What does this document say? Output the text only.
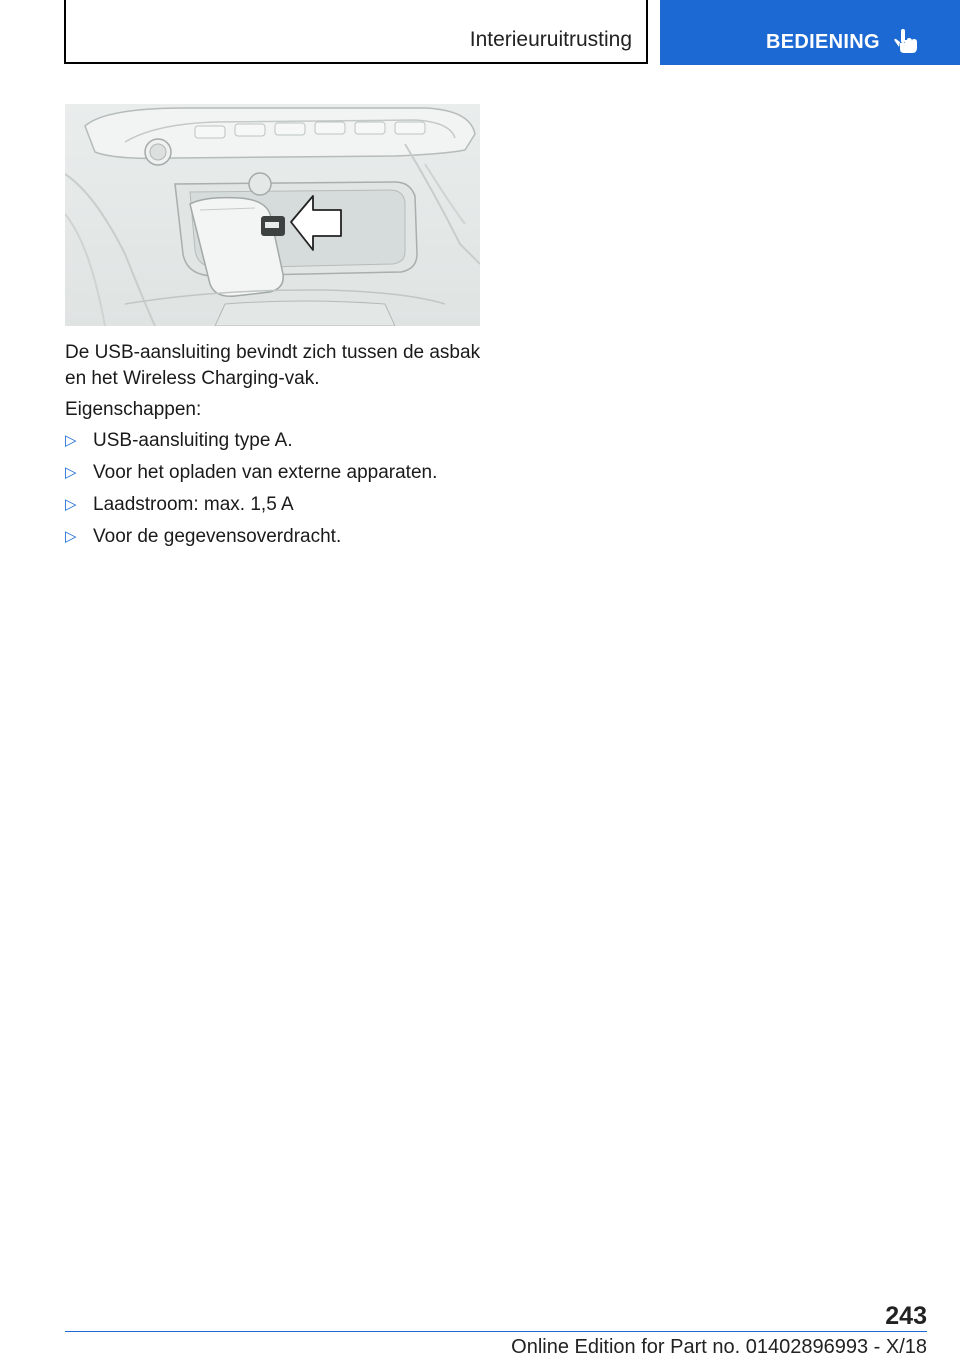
Interieuruitrusting	BEDIENING
De USB-aansluiting bevindt zich tussen de asbak en het Wireless Charging-vak.
Eigenschappen:
▷ USB-aansluiting type A.
▷ Voor het opladen van externe apparaten.
▷ Laadstroom: max. 1,5 A
▷ Voor de gegevensoverdracht.
243
Online Edition for Part no. 01402896993 - X/18
